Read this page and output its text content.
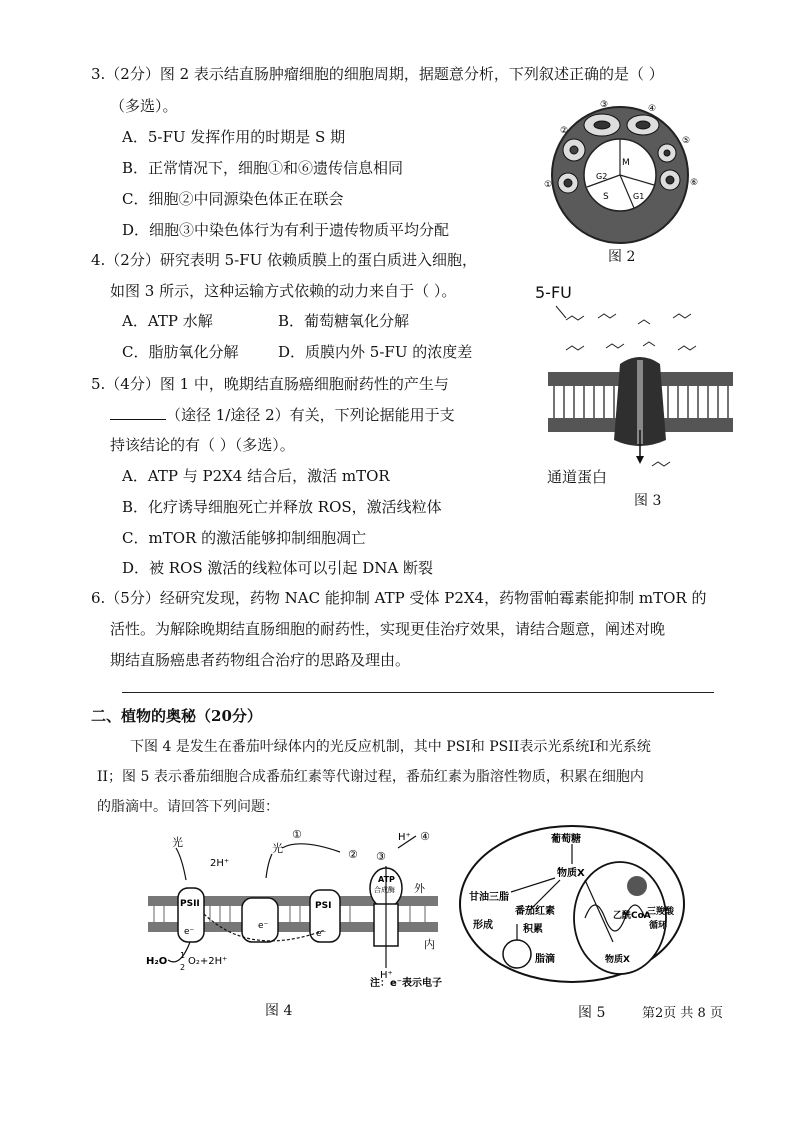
3.（2分）图 2 表示结直肠肿瘤细胞的细胞周期，据题意分析，下列叙述正确的是（ ）
（多选）。
A．5-FU 发挥作用的时期是 S 期
B．正常情况下，细胞①和⑥遗传信息相同
C．细胞②中同源染色体正在联会
D．细胞③中染色体行为有利于遗传物质平均分配
M
G2
S	G1
①
②
③	④
⑤
⑥
图 2
4.（2分）研究表明 5-FU 依赖质膜上的蛋白质进入细胞，
如图 3 所示，这种运输方式依赖的动力来自于（ ）。
A．ATP 水解	B．葡萄糖氧化分解
C．脂肪氧化分解	D．质膜内外 5-FU 的浓度差
5-FU
通道蛋白
图 3
5.（4分）图 1 中，晚期结直肠癌细胞耐药性的产生与
（途径 1/途径 2）有关，下列论据能用于支
持该结论的有（ ）（多选）。
A．ATP 与 P2X4 结合后，激活 mTOR
B．化疗诱导细胞死亡并释放 ROS，激活线粒体
C．mTOR 的激活能够抑制细胞凋亡
D．被 ROS 激活的线粒体可以引起 DNA 断裂
6.（5分）经研究发现，药物 NAC 能抑制 ATP 受体 P2X4，药物雷帕霉素能抑制 mTOR 的
活性。为解除晚期结直肠细胞的耐药性，实现更佳治疗效果，请结合题意，阐述对晚
期结直肠癌患者药物组合治疗的思路及理由。
二、植物的奥秘（20分）
下图 4 是发生在番茄叶绿体内的光反应机制，其中 PSI和 PSII表示光系统I和光系统
II；图 5 表示番茄细胞合成番茄红素等代谢过程，番茄红素为脂溶性物质，积累在细胞内
的脂滴中。请回答下列问题：
光	光
2H⁺
PSII	PSI
ATP
合成酶
H⁺
H⁺
外
内
H₂O
1
2
O₂+2H⁺
e⁻
e⁻
e⁻
①
② ③
④
注：e⁻表示电子
图 4
葡萄糖
物质X
甘油三脂
形成
番茄红素
积累
脂滴	物质X
乙酰CoA
三羧酸
循环
图 5	第2页 共 8 页
